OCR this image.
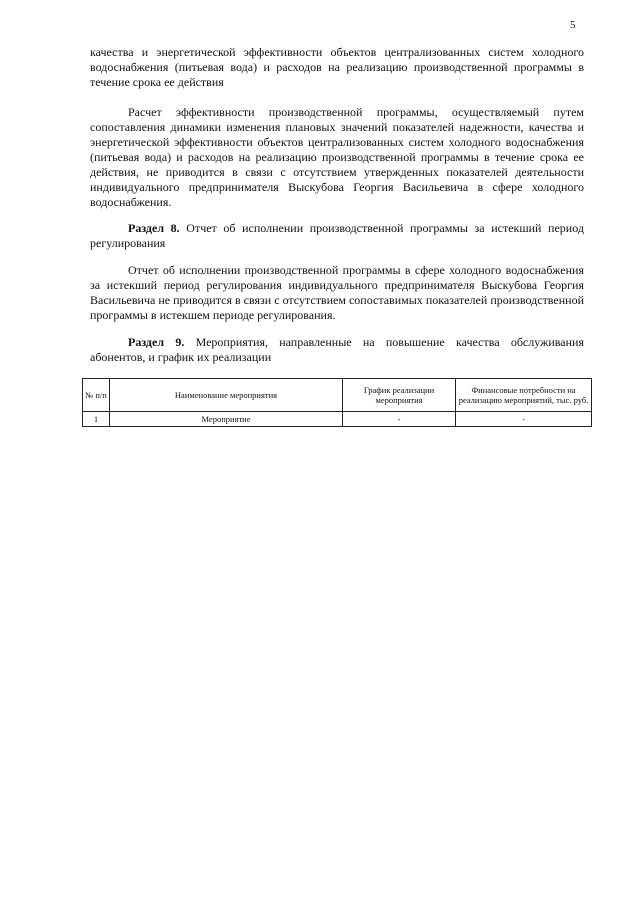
5

качества и энергетической эффективности объектов централизованных систем холодного водоснабжения (питьевая вода) и расходов на реализацию производственной программы в течение срока ее действия

Расчет эффективности производственной программы, осуществляемый путем сопоставления динамики изменения плановых значений показателей надежности, качества и энергетической эффективности объектов централизованных систем холодного водоснабжения (питьевая вода) и расходов на реализацию производственной программы в течение срока ее действия, не приводится в связи с отсутствием утвержденных показателей деятельности индивидуального предпринимателя Выскубова Георгия Васильевича в сфере холодного водоснабжения.

Раздел 8. Отчет об исполнении производственной программы за истекший период регулирования

Отчет об исполнении производственной программы в сфере холодного водоснабжения за истекший период регулирования индивидуального предпринимателя Выскубова Георгия Васильевича не приводится в связи с отсутствием сопоставимых показателей производственной программы в истекшем периоде регулирования.

Раздел 9. Мероприятия, направленные на повышение качества обслуживания абонентов, и график их реализации

№ п/п	Наименование мероприятия	График реализации мероприятия	Финансовые потребности на реализацию мероприятий, тыс. руб.
1	Мероприятие	-	-
